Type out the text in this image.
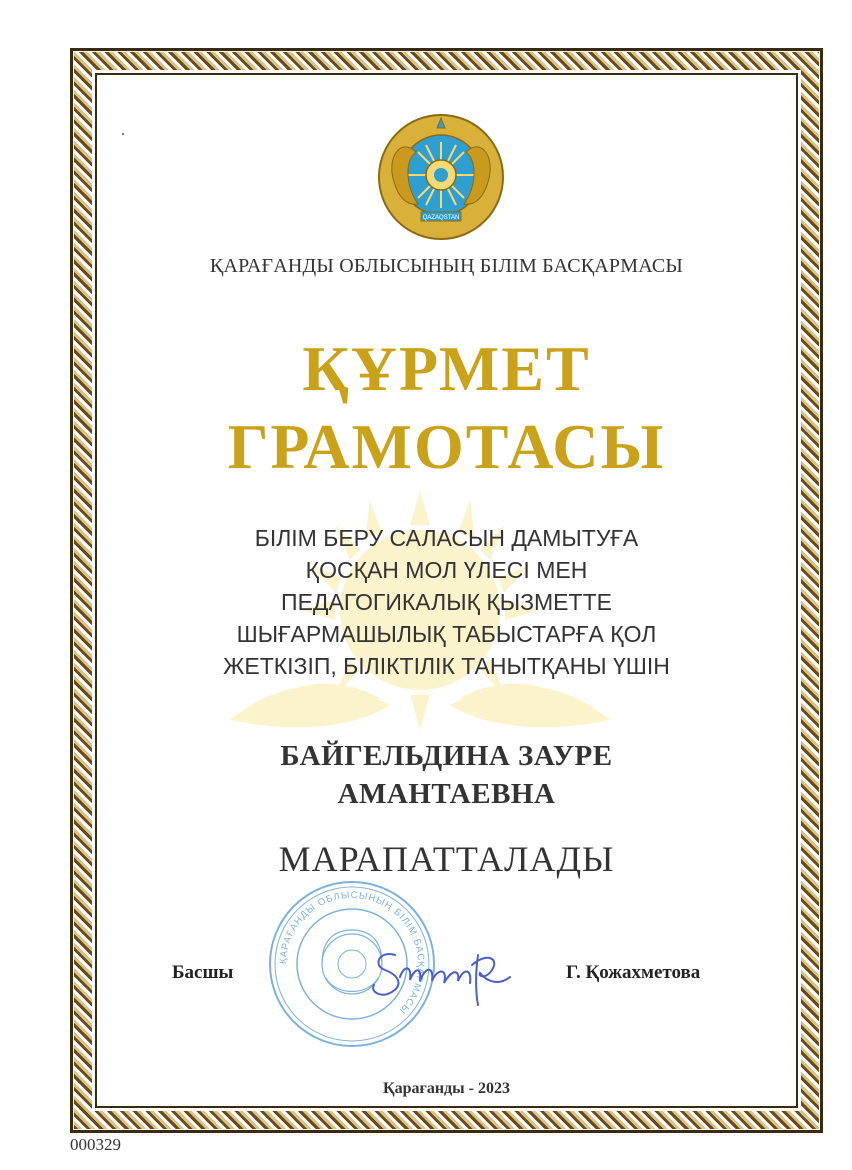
QAZAQSTAN
ҚАРАҒАНДЫ ОБЛЫСЫНЫҢ БІЛІМ БАСҚАРМАСЫ
ҚҰРМЕТ
ГРАМОТАСЫ
БІЛІМ БЕРУ САЛАСЫН ДАМЫТУҒА
ҚОСҚАН МОЛ ҮЛЕСІ МЕН
ПЕДАГОГИКАЛЫҚ ҚЫЗМЕТТЕ
ШЫҒАРМАШЫЛЫҚ ТАБЫСТАРҒА ҚОЛ
ЖЕТКІЗІП, БІЛІКТІЛІК ТАНЫТҚАНЫ ҮШІН
БАЙГЕЛЬДИНА ЗАУРЕ
АМАНТАЕВНА
МАРАПАТТАЛАДЫ
ҚАРАҒАНДЫ ОБЛЫСЫНЫҢ БІЛІМ БАСҚАРМАСЫ
Басшы	Г. Қожахметова
Қарағанды - 2023
000329
